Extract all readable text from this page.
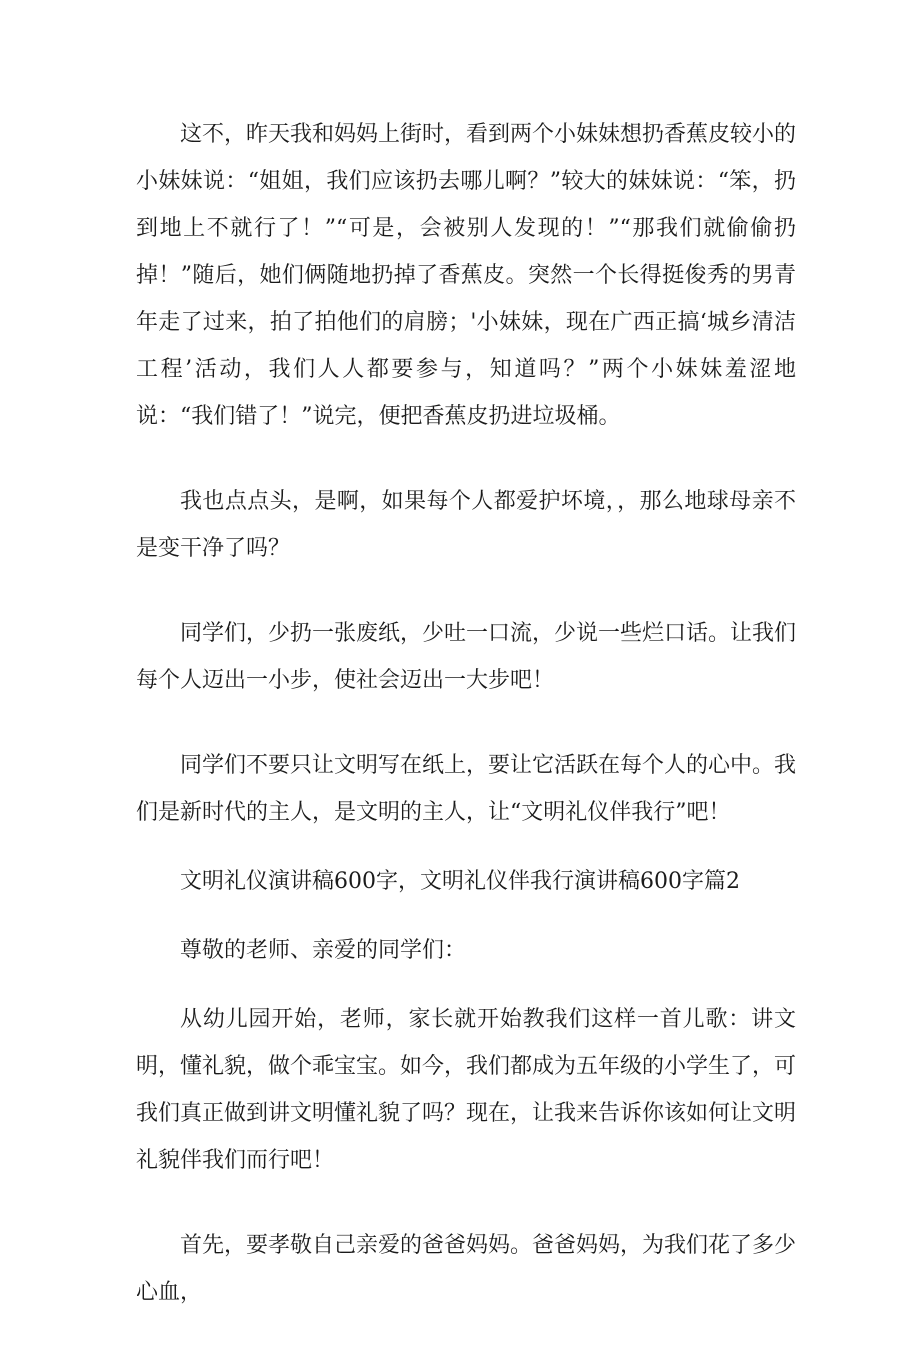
这不，昨天我和妈妈上街时，看到两个小妹妹想扔香蕉皮较小的小妹妹说：“姐姐，我们应该扔去哪儿啊？”较大的妹妹说：“笨，扔到地上不就行了！”“可是，会被别人发现的！”“那我们就偷偷扔掉！”随后，她们俩随地扔掉了香蕉皮。突然一个长得挺俊秀的男青年走了过来，拍了拍他们的肩膀；'小妹妹，现在广西正搞‘城乡清洁工程’活动，我们人人都要参与，知道吗？”两个小妹妹羞涩地说：“我们错了！”说完，便把香蕉皮扔进垃圾桶。

我也点点头，是啊，如果每个人都爱护坏境，，那么地球母亲不是变干净了吗？

同学们，少扔一张废纸，少吐一口流，少说一些烂口话。让我们每个人迈出一小步，使社会迈出一大步吧！

同学们不要只让文明写在纸上，要让它活跃在每个人的心中。我们是新时代的主人，是文明的主人，让“文明礼仪伴我行”吧！

文明礼仪演讲稿600字，文明礼仪伴我行演讲稿600字篇2

尊敬的老师、亲爱的同学们：

从幼儿园开始，老师，家长就开始教我们这样一首儿歌：讲文明，懂礼貌，做个乖宝宝。如今，我们都成为五年级的小学生了，可我们真正做到讲文明懂礼貌了吗？现在，让我来告诉你该如何让文明礼貌伴我们而行吧！

首先，要孝敬自己亲爱的爸爸妈妈。爸爸妈妈，为我们花了多少心血，
